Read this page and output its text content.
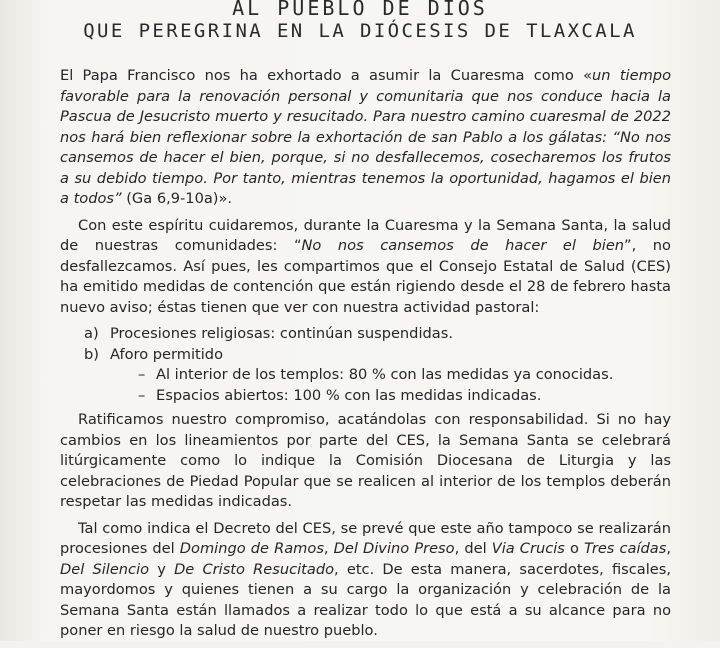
AL PUEBLO DE DIOS
QUE PEREGRINA EN LA DIÓCESIS DE TLAXCALA

El Papa Francisco nos ha exhortado a asumir la Cuaresma como «un tiempo favorable para la renovación personal y comunitaria que nos conduce hacia la Pascua de Jesucristo muerto y resucitado. Para nuestro camino cuaresmal de 2022 nos hará bien reflexionar sobre la exhortación de san Pablo a los gálatas: “No nos cansemos de hacer el bien, porque, si no desfallecemos, cosecharemos los frutos a su debido tiempo. Por tanto, mientras tenemos la oportunidad, hagamos el bien a todos” (Ga 6,9-10a)».

Con este espíritu cuidaremos, durante la Cuaresma y la Semana Santa, la salud de nuestras comunidades: “No nos cansemos de hacer el bien”, no desfallezcamos. Así pues, les compartimos que el Consejo Estatal de Salud (CES) ha emitido medidas de contención que están rigiendo desde el 28 de febrero hasta nuevo aviso; éstas tienen que ver con nuestra actividad pastoral:

a) Procesiones religiosas: continúan suspendidas.
b) Aforo permitido
– Al interior de los templos: 80 % con las medidas ya conocidas.
– Espacios abiertos: 100 % con las medidas indicadas.

Ratificamos nuestro compromiso, acatándolas con responsabilidad. Si no hay cambios en los lineamientos por parte del CES, la Semana Santa se celebrará litúrgicamente como lo indique la Comisión Diocesana de Liturgia y las celebraciones de Piedad Popular que se realicen al interior de los templos deberán respetar las medidas indicadas.

Tal como indica el Decreto del CES, se prevé que este año tampoco se realizarán procesiones del Domingo de Ramos, Del Divino Preso, del Via Crucis o Tres caídas, Del Silencio y De Cristo Resucitado, etc. De esta manera, sacerdotes, fiscales, mayordomos y quienes tienen a su cargo la organización y celebración de la Semana Santa están llamados a realizar todo lo que está a su alcance para no poner en riesgo la salud de nuestro pueblo.
